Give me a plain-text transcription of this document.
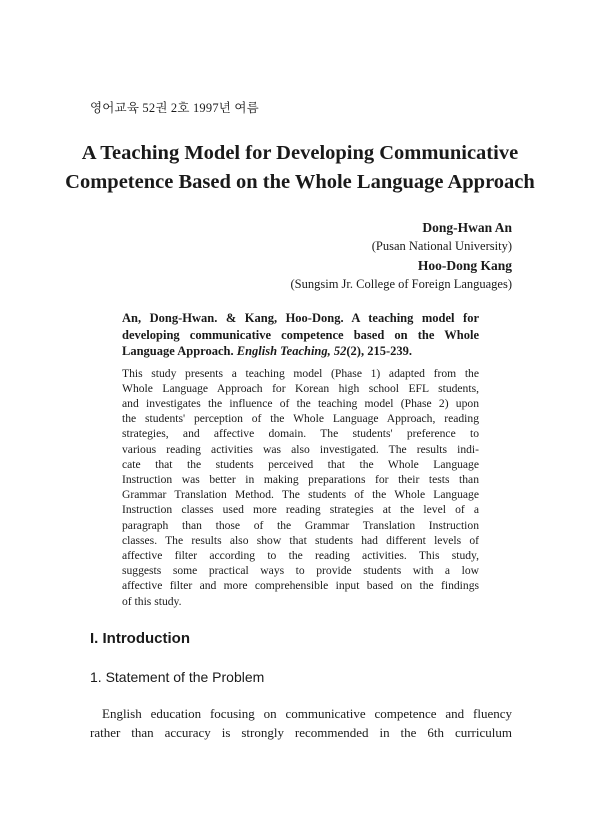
영어교육 52권 2호 1997년 여름
A Teaching Model for Developing Communicative
Competence Based on the Whole Language Approach
Dong-Hwan An
(Pusan National University)
Hoo-Dong Kang
(Sungsim Jr. College of Foreign Languages)

An, Dong-Hwan. & Kang, Hoo-Dong. A teaching model for developing communicative competence based on the Whole Language Approach. English Teaching, 52(2), 215-239.

This study presents a teaching model (Phase 1) adapted from the
Whole Language Approach for Korean high school EFL students,
and investigates the influence of the teaching model (Phase 2) upon
the students' perception of the Whole Language Approach, reading
strategies, and affective domain. The students' preference to
various reading activities was also investigated. The results indi-
cate that the students perceived that the Whole Language
Instruction was better in making preparations for their tests than
Grammar Translation Method. The students of the Whole Language
Instruction classes used more reading strategies at the level of a
paragraph than those of the Grammar Translation Instruction
classes. The results also show that students had different levels of
affective filter according to the reading activities. This study,
suggests some practical ways to provide students with a low
affective filter and more comprehensible input based on the findings
of this study.
I. Introduction
1. Statement of the Problem
English education focusing on communicative competence and fluency
rather than accuracy is strongly recommended in the 6th curriculum
